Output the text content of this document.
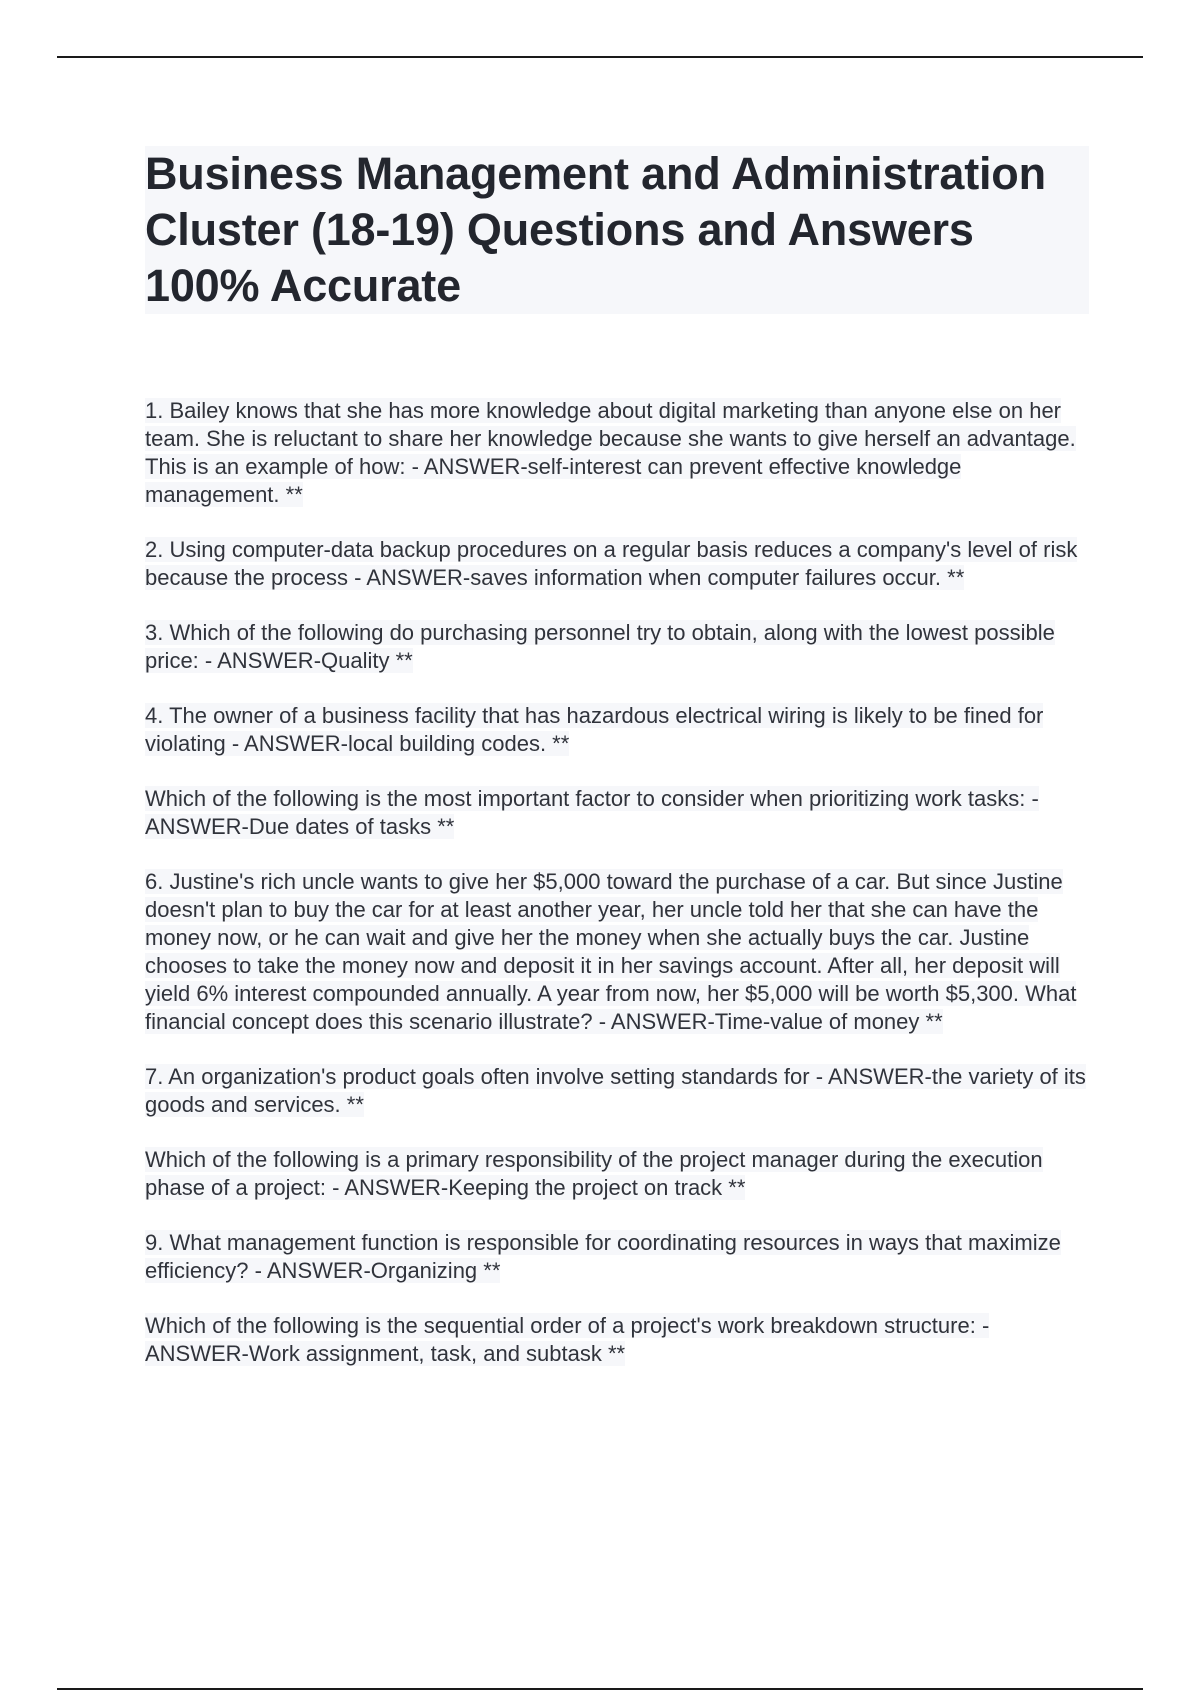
Business Management and Administration Cluster (18-19) Questions and Answers 100% Accurate

1. Bailey knows that she has more knowledge about digital marketing than anyone else on her team. She is reluctant to share her knowledge because she wants to give herself an advantage. This is an example of how: - ANSWER-self-interest can prevent effective knowledge management. **

2. Using computer-data backup procedures on a regular basis reduces a company's level of risk because the process - ANSWER-saves information when computer failures occur. **

3. Which of the following do purchasing personnel try to obtain, along with the lowest possible price: - ANSWER-Quality **

4. The owner of a business facility that has hazardous electrical wiring is likely to be fined for violating - ANSWER-local building codes. **

Which of the following is the most important factor to consider when prioritizing work tasks: - ANSWER-Due dates of tasks **

6. Justine's rich uncle wants to give her $5,000 toward the purchase of a car. But since Justine doesn't plan to buy the car for at least another year, her uncle told her that she can have the money now, or he can wait and give her the money when she actually buys the car. Justine chooses to take the money now and deposit it in her savings account. After all, her deposit will yield 6% interest compounded annually. A year from now, her $5,000 will be worth $5,300. What financial concept does this scenario illustrate? - ANSWER-Time-value of money **

7. An organization's product goals often involve setting standards for - ANSWER-the variety of its goods and services. **

Which of the following is a primary responsibility of the project manager during the execution phase of a project: - ANSWER-Keeping the project on track **

9. What management function is responsible for coordinating resources in ways that maximize efficiency? - ANSWER-Organizing **

Which of the following is the sequential order of a project's work breakdown structure: - ANSWER-Work assignment, task, and subtask **
